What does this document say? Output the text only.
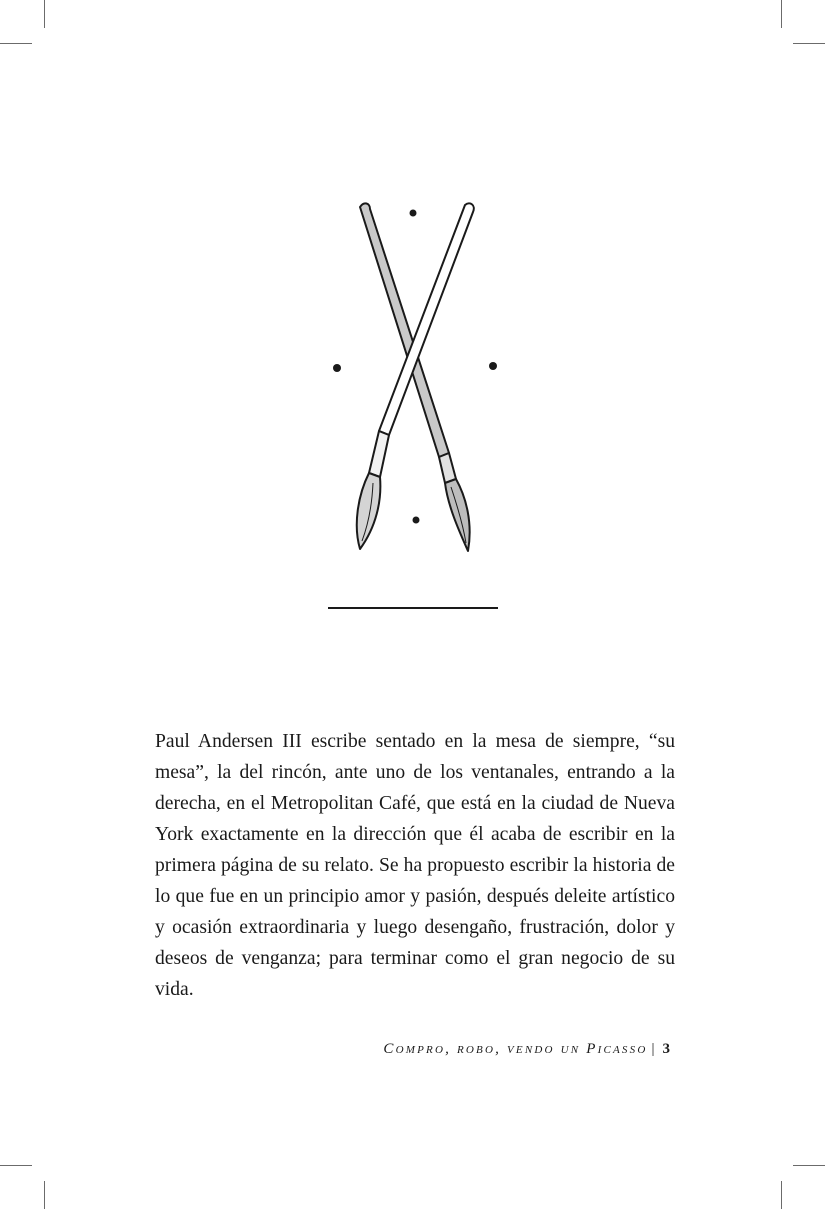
Paul Andersen III escribe sentado en la mesa de siempre, “su mesa”, la del rincón, ante uno de los ventanales, entrando a la derecha, en el Metropolitan Café, que está en la ciudad de Nueva York exactamente en la dirección que él acaba de escribir en la primera página de su relato. Se ha propuesto escribir la historia de lo que fue en un principio amor y pasión, después deleite artístico y ocasión extraordinaria y luego desengaño, frustración, dolor y deseos de venganza; para terminar como el gran negocio de su vida.

Compro, robo, vendo un Picasso | 3
